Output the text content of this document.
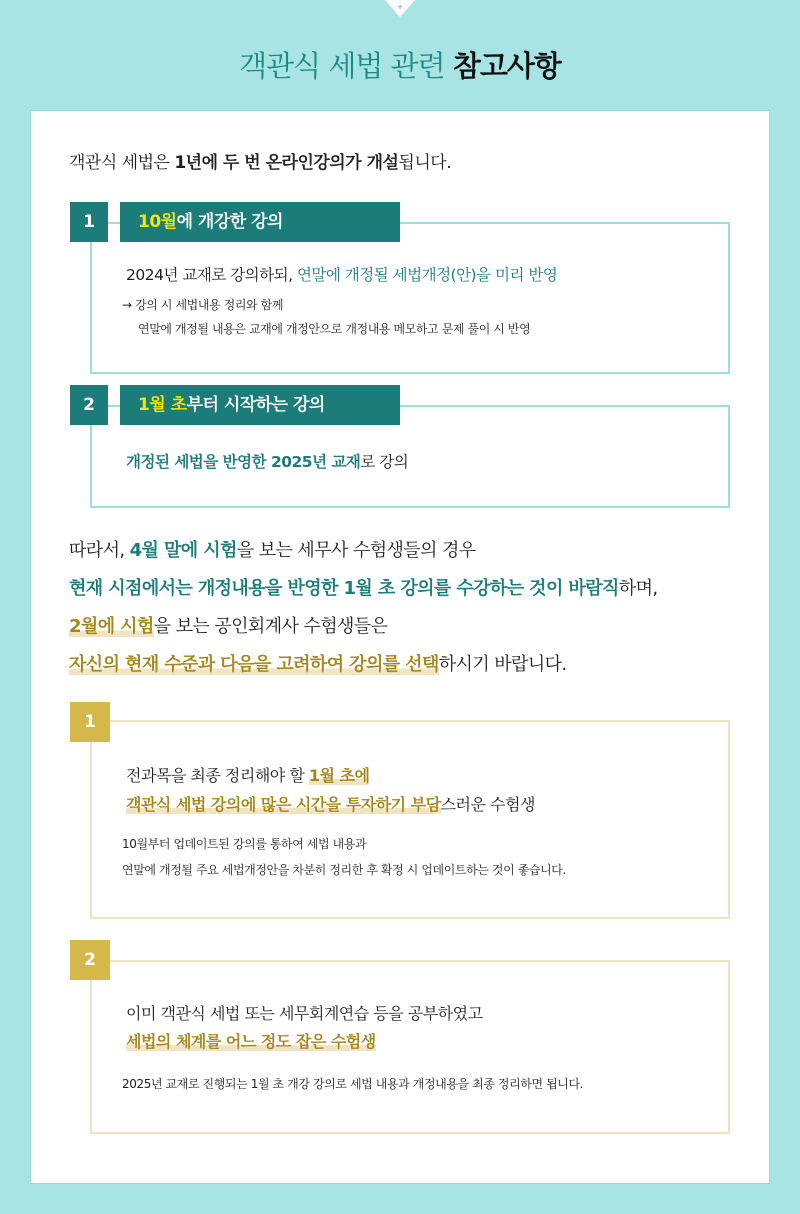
+
객관식 세법 관련 참고사항
객관식 세법은 1년에 두 번 온라인강의가 개설됩니다.
1	10월에 개강한 강의
2024년 교재로 강의하되, 연말에 개정될 세법개정(안)을 미리 반영
→ 강의 시 세법내용 정리와 함께
연말에 개정될 내용은 교재에 개정안으로 개정내용 메모하고 문제 풀이 시 반영
2	1월 초부터 시작하는 강의
개정된 세법을 반영한 2025년 교재로 강의
따라서, 4월 말에 시험을 보는 세무사 수험생들의 경우
현재 시점에서는 개정내용을 반영한 1월 초 강의를 수강하는 것이 바람직하며,
2월에 시험을 보는 공인회계사 수험생들은
자신의 현재 수준과 다음을 고려하여 강의를 선택하시기 바랍니다.
1
전과목을 최종 정리해야 할 1월 초에
객관식 세법 강의에 많은 시간을 투자하기 부담스러운 수험생
10월부터 업데이트된 강의를 통하여 세법 내용과
연말에 개정될 주요 세법개정안을 차분히 정리한 후 확정 시 업데이트하는 것이 좋습니다.
2
이미 객관식 세법 또는 세무회계연습 등을 공부하였고
세법의 체계를 어느 정도 잡은 수험생
2025년 교재로 진행되는 1월 초 개강 강의로 세법 내용과 개정내용을 최종 정리하면 됩니다.
